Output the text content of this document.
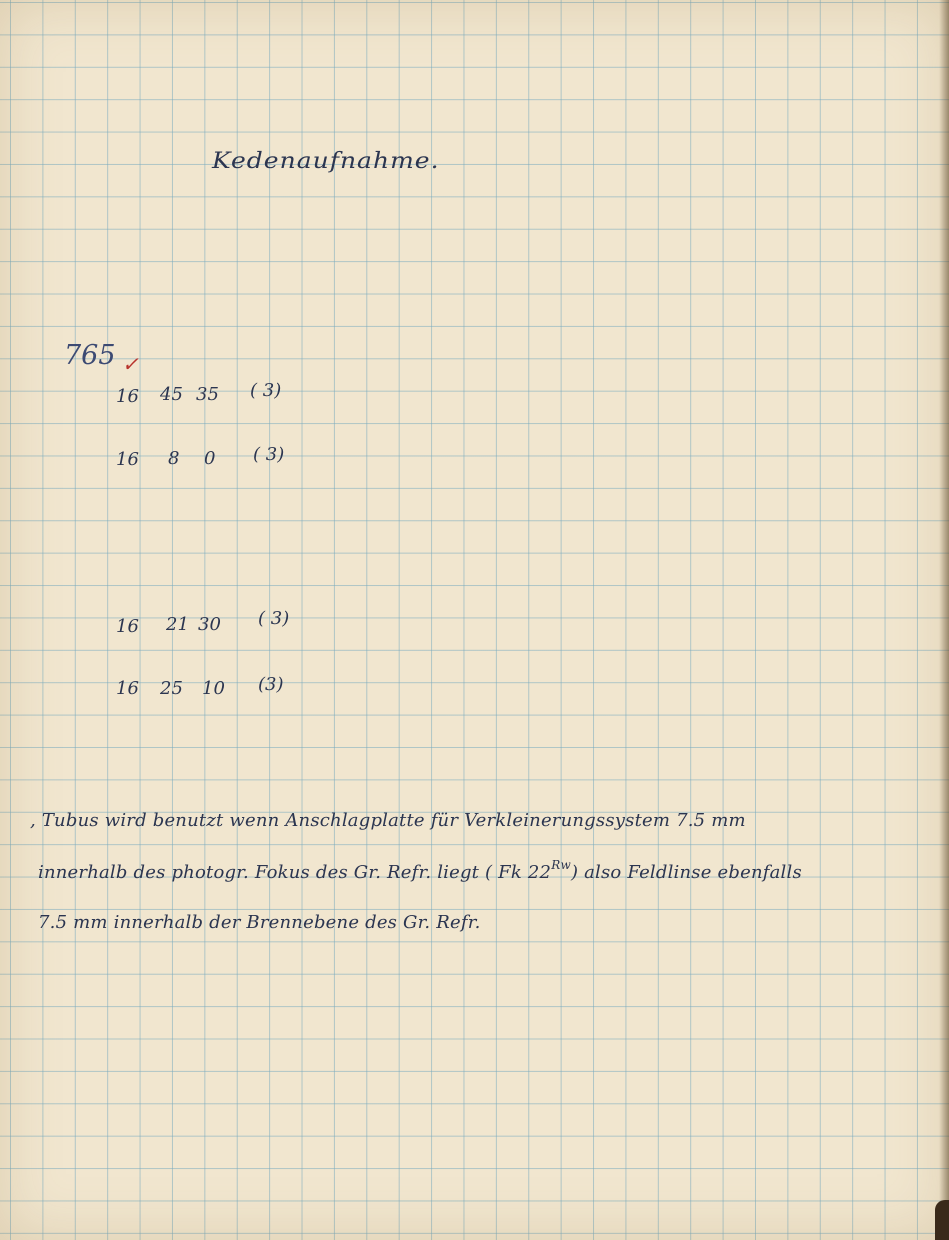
Kedenaufnahme.
765 ✓
16 45 35 ( 3)
16 8 0 ( 3)
16 21 30 ( 3)
16 25 10 (3)
, Tubus wird benutzt wenn Anschlagplatte für Verkleinerungssystem 7.5 mm
innerhalb des photogr. Fokus des Gr. Refr. liegt ( Fk $22^{Rw}$) also Feldlinse ebenfalls
7.5 mm innerhalb der Brennebene des Gr. Refr.
